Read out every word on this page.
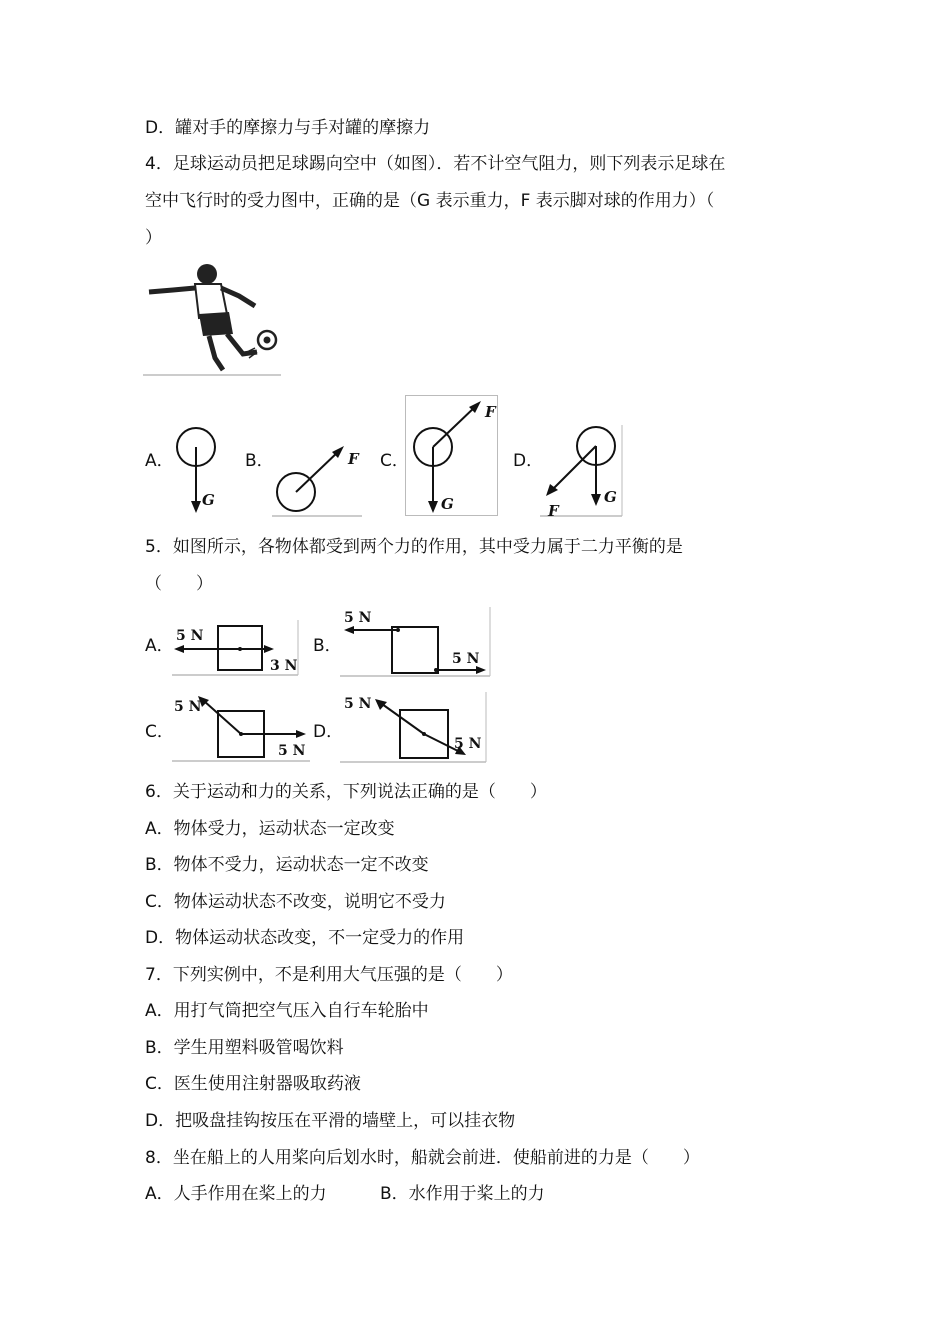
D．罐对手的摩擦力与手对罐的摩擦力
4．足球运动员把足球踢向空中（如图）．若不计空气阻力，则下列表示足球在
空中飞行时的受力图中，正确的是（G 表示重力，F 表示脚对球的作用力）（
）
A．
G
B．	F C．
F
G
D．
G
F
5．如图所示，各物体都受到两个力的作用，其中受力属于二力平衡的是
（　　）
A． 5 N
3 N
B．
5 N
5 N
C．
5 N
5 N
D．
5 N
5 N
6．关于运动和力的关系，下列说法正确的是（　　）
A．物体受力，运动状态一定改变
B．物体不受力，运动状态一定不改变
C．物体运动状态不改变，说明它不受力
D．物体运动状态改变，不一定受力的作用
7．下列实例中，不是利用大气压强的是（　　）
A．用打气筒把空气压入自行车轮胎中
B．学生用塑料吸管喝饮料
C．医生使用注射器吸取药液
D．把吸盘挂钩按压在平滑的墙壁上，可以挂衣物
8．坐在船上的人用桨向后划水时，船就会前进．使船前进的力是（　　）
A．人手作用在桨上的力	B．水作用于桨上的力
